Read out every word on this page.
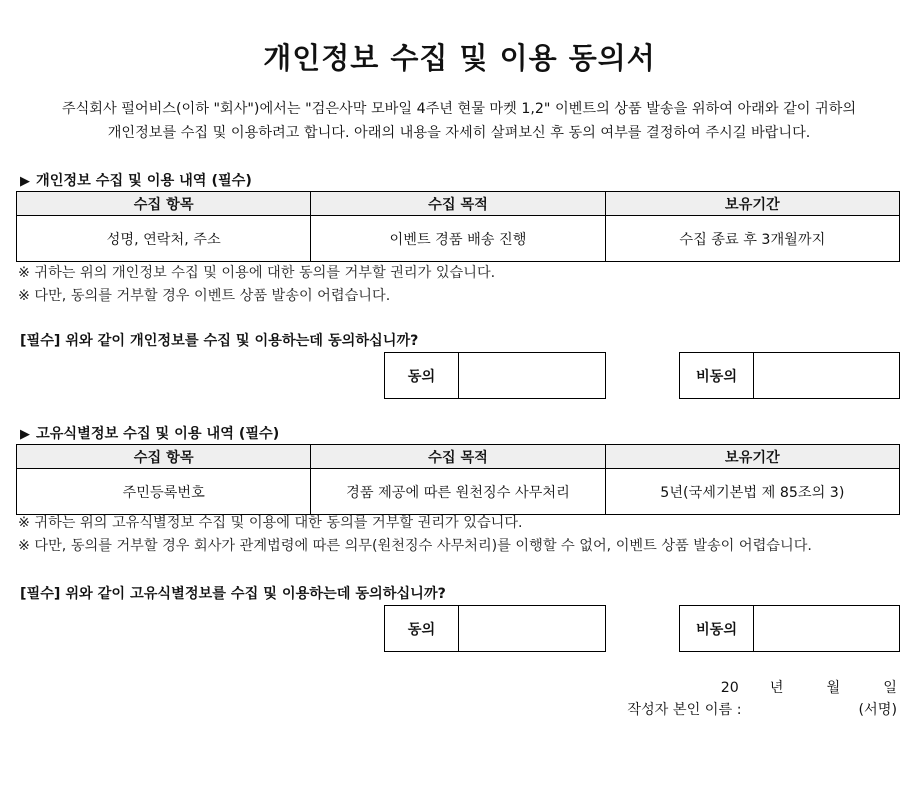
개인정보 수집 및 이용 동의서
주식회사 펄어비스(이하 "회사")에서는 "검은사막 모바일 4주년 현물 마켓 1,2" 이벤트의 상품 발송을 위하여 아래와 같이 귀하의
개인정보를 수집 및 이용하려고 합니다. 아래의 내용을 자세히 살펴보신 후 동의 여부를 결정하여 주시길 바랍니다.
▶ 개인정보 수집 및 이용 내역 (필수)
수집 항목	수집 목적	보유기간
성명, 연락처, 주소	이벤트 경품 배송 진행	수집 종료 후 3개월까지
※ 귀하는 위의 개인정보 수집 및 이용에 대한 동의를 거부할 권리가 있습니다.
※ 다만, 동의를 거부할 경우 이벤트 상품 발송이 어렵습니다.
[필수] 위와 같이 개인정보를 수집 및 이용하는데 동의하십니까?
동의	비동의
▶ 고유식별정보 수집 및 이용 내역 (필수)
수집 항목	수집 목적	보유기간
주민등록번호	경품 제공에 따른 원천징수 사무처리	5년(국세기본법 제 85조의 3)
※ 귀하는 위의 고유식별정보 수집 및 이용에 대한 동의를 거부할 권리가 있습니다.
※ 다만, 동의를 거부할 경우 회사가 관계법령에 따른 의무(원천징수 사무처리)를 이행할 수 없어, 이벤트 상품 발송이 어렵습니다.
[필수] 위와 같이 고유식별정보를 수집 및 이용하는데 동의하십니까?
동의	비동의
20 년	월	일
작성자 본인 이름 :	(서명)
